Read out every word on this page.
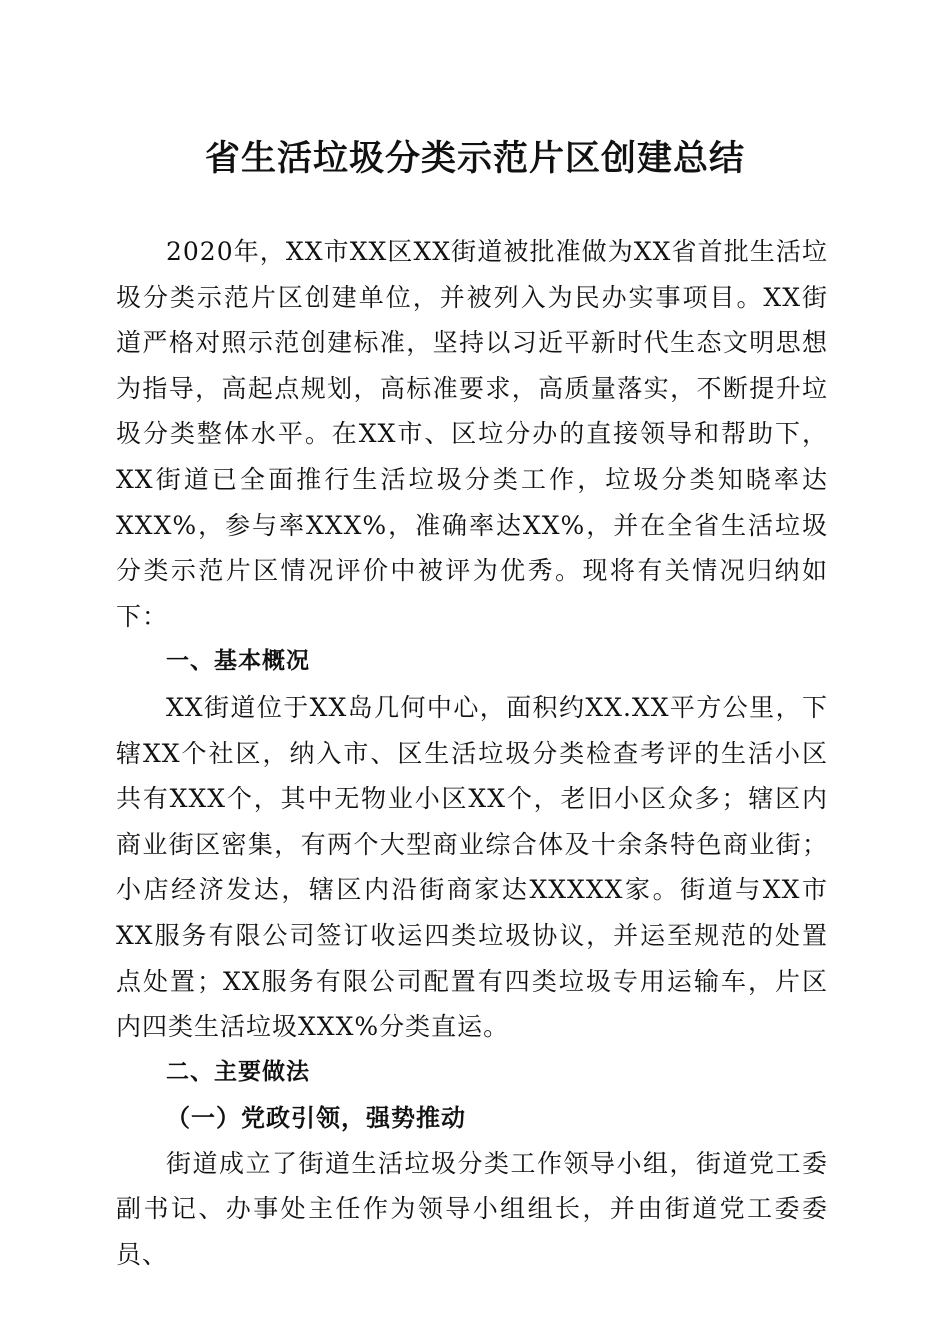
省生活垃圾分类示范片区创建总结

2020年，XX市XX区XX街道被批准做为XX省首批生活垃圾分类示范片区创建单位，并被列入为民办实事项目。XX街道严格对照示范创建标准，坚持以习近平新时代生态文明思想为指导，高起点规划，高标准要求，高质量落实，不断提升垃圾分类整体水平。在XX市、区垃分办的直接领导和帮助下，XX街道已全面推行生活垃圾分类工作，垃圾分类知晓率达XXX%，参与率XXX%，准确率达XX%，并在全省生活垃圾分类示范片区情况评价中被评为优秀。现将有关情况归纳如下：

一、基本概况

XX街道位于XX岛几何中心，面积约XX.XX平方公里，下辖XX个社区，纳入市、区生活垃圾分类检查考评的生活小区共有XXX个，其中无物业小区XX个，老旧小区众多；辖区内商业街区密集，有两个大型商业综合体及十余条特色商业街；小店经济发达，辖区内沿街商家达XXXXX家。街道与XX市XX服务有限公司签订收运四类垃圾协议，并运至规范的处置点处置；XX服务有限公司配置有四类垃圾专用运输车，片区内四类生活垃圾XXX%分类直运。

二、主要做法

（一）党政引领，强势推动

街道成立了街道生活垃圾分类工作领导小组，街道党工委副书记、办事处主任作为领导小组组长，并由街道党工委委员、
